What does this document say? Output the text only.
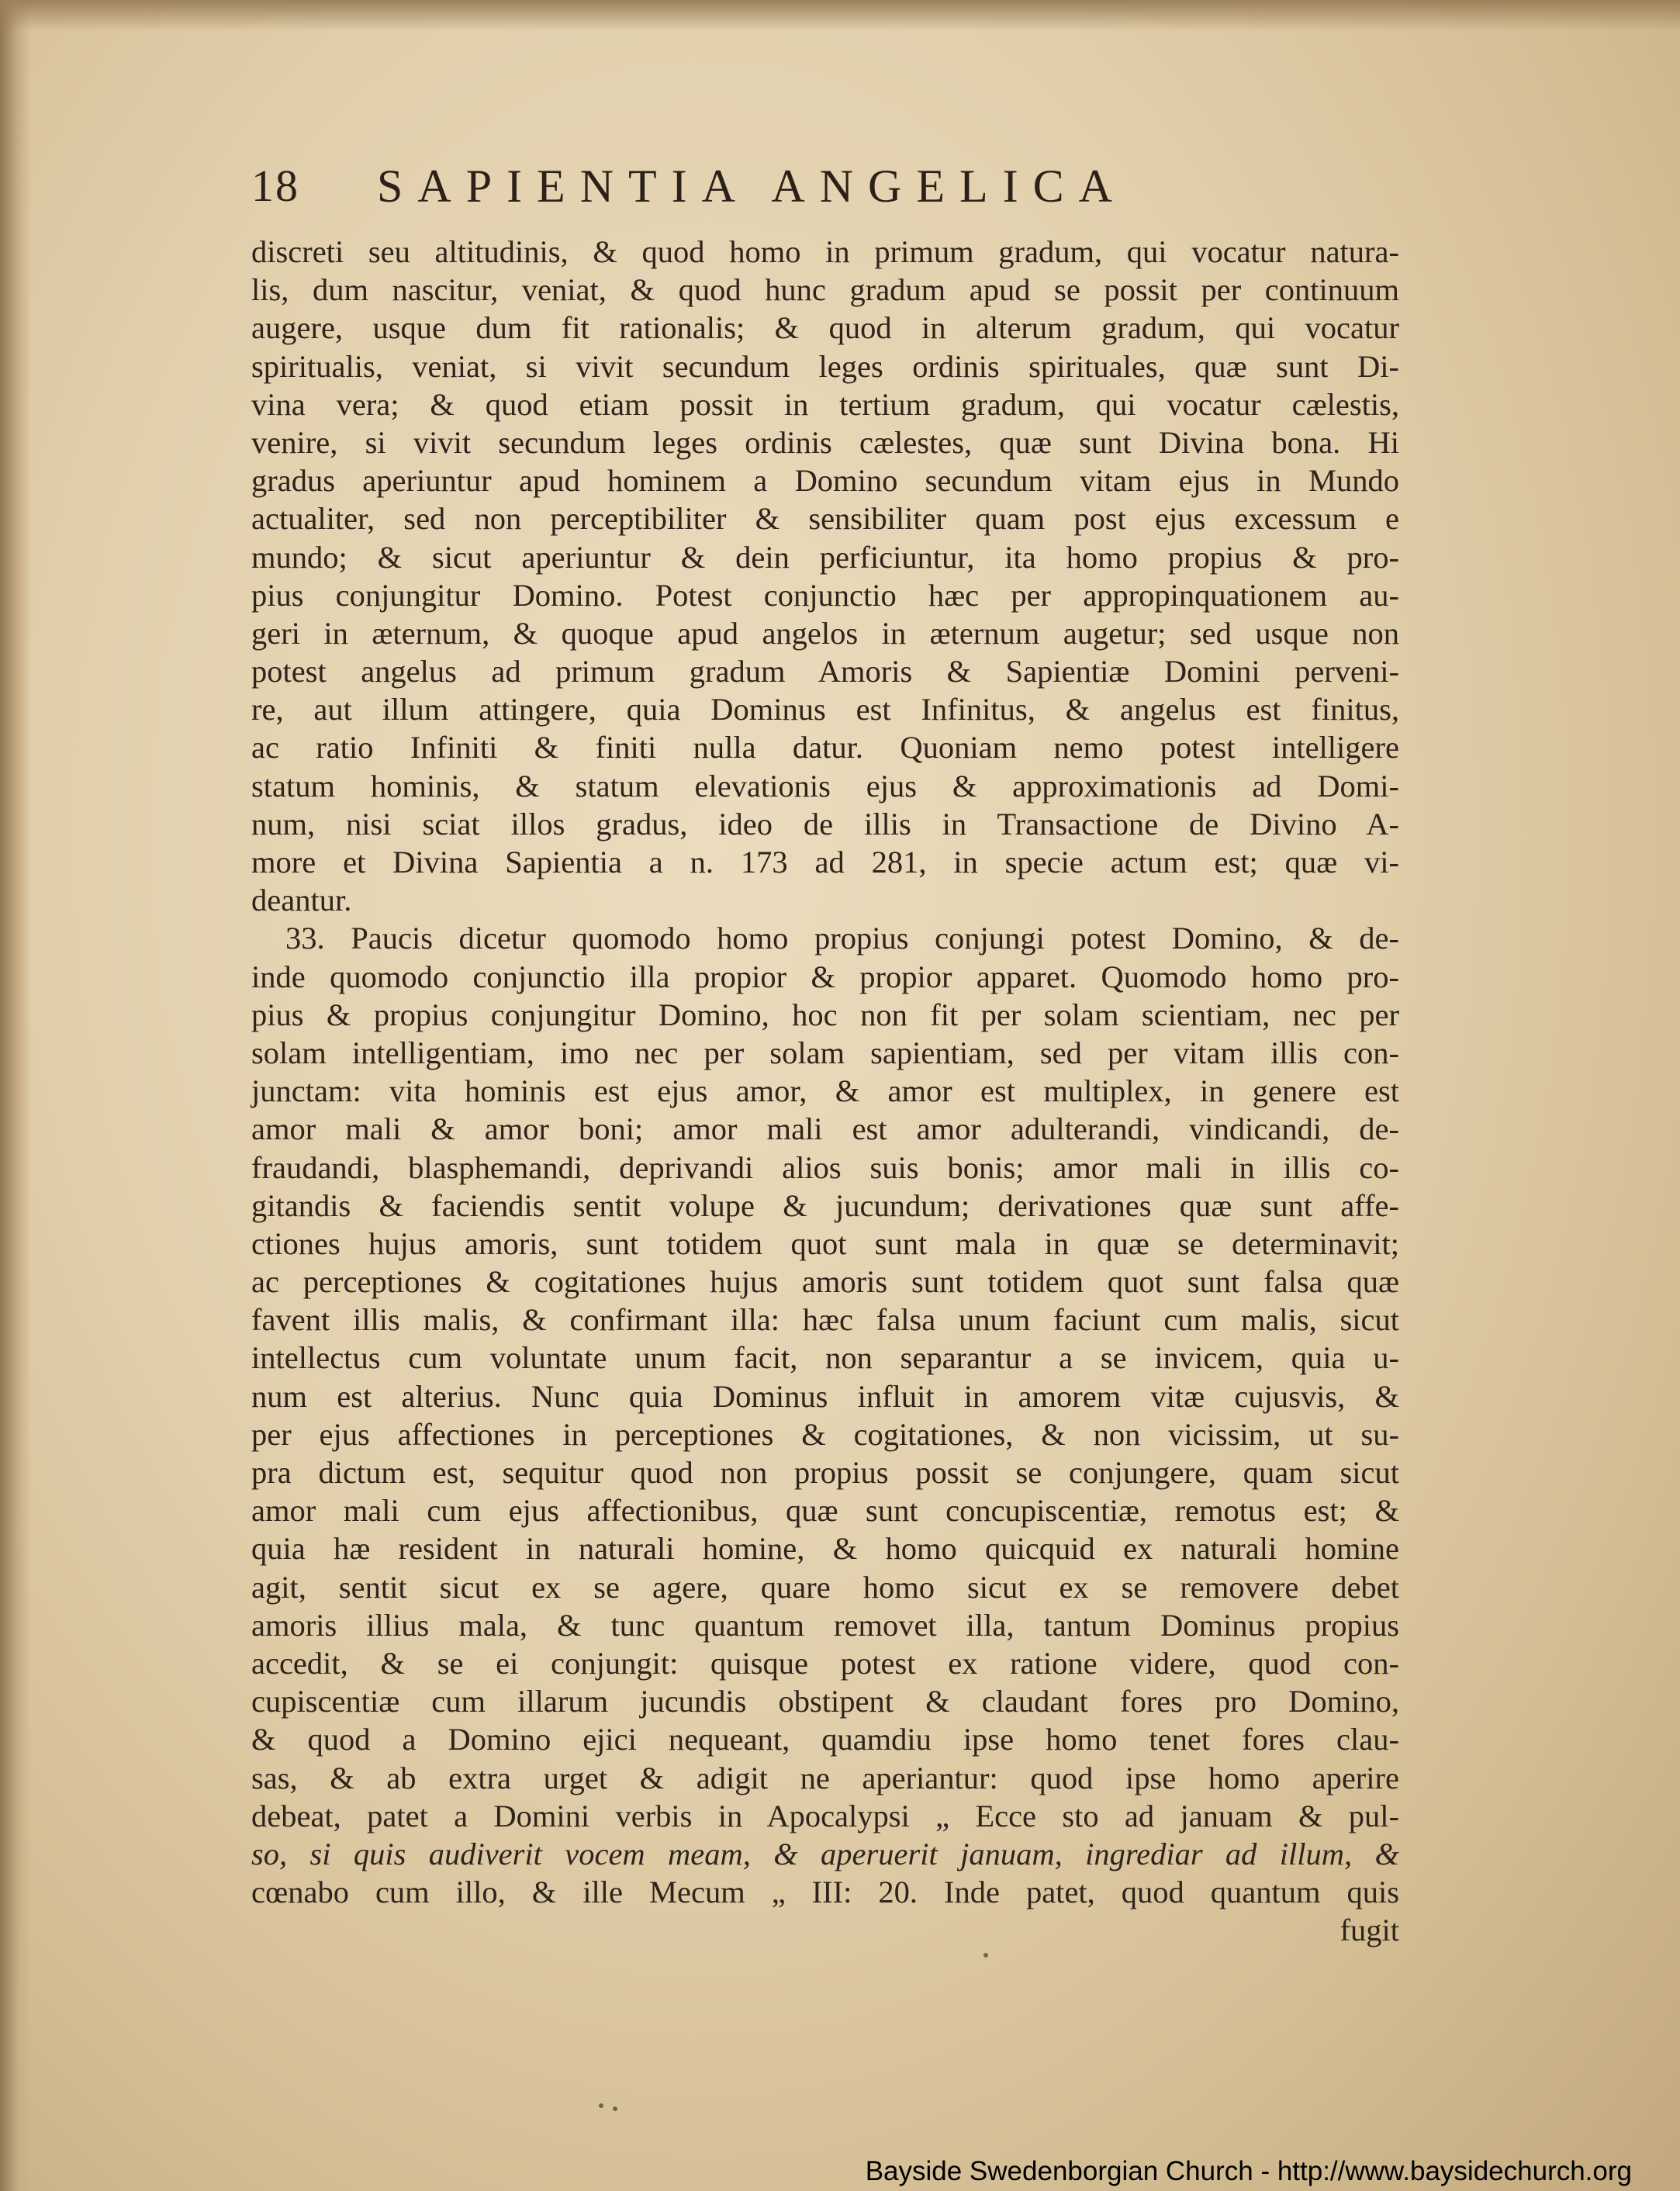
18 SAPIENTIA ANGELICA
discreti seu altitudinis, & quod homo in primum gradum, qui vocatur natura-
lis, dum nascitur, veniat, & quod hunc gradum apud se possit per continuum
augere, usque dum fit rationalis; & quod in alterum gradum, qui vocatur
spiritualis, veniat, si vivit secundum leges ordinis spirituales, quæ sunt Di-
vina vera; & quod etiam possit in tertium gradum, qui vocatur cælestis,
venire, si vivit secundum leges ordinis cælestes, quæ sunt Divina bona. Hi
gradus aperiuntur apud hominem a Domino secundum vitam ejus in Mundo
actualiter, sed non perceptibiliter & sensibiliter quam post ejus excessum e
mundo; & sicut aperiuntur & dein perficiuntur, ita homo propius & pro-
pius conjungitur Domino. Potest conjunctio hæc per appropinquationem au-
geri in æternum, & quoque apud angelos in æternum augetur; sed usque non
potest angelus ad primum gradum Amoris & Sapientiæ Domini perveni-
re, aut illum attingere, quia Dominus est Infinitus, & angelus est finitus,
ac ratio Infiniti & finiti nulla datur. Quoniam nemo potest intelligere
statum hominis, & statum elevationis ejus & approximationis ad Domi-
num, nisi sciat illos gradus, ideo de illis in Transactione de Divino A-
more et Divina Sapientia a n. 173 ad 281, in specie actum est; quæ vi-
deantur.
33. Paucis dicetur quomodo homo propius conjungi potest Domino, & de-
inde quomodo conjunctio illa propior & propior apparet. Quomodo homo pro-
pius & propius conjungitur Domino, hoc non fit per solam scientiam, nec per
solam intelligentiam, imo nec per solam sapientiam, sed per vitam illis con-
junctam: vita hominis est ejus amor, & amor est multiplex, in genere est
amor mali & amor boni; amor mali est amor adulterandi, vindicandi, de-
fraudandi, blasphemandi, deprivandi alios suis bonis; amor mali in illis co-
gitandis & faciendis sentit volupe & jucundum; derivationes quæ sunt affe-
ctiones hujus amoris, sunt totidem quot sunt mala in quæ se determinavit;
ac perceptiones & cogitationes hujus amoris sunt totidem quot sunt falsa quæ
favent illis malis, & confirmant illa: hæc falsa unum faciunt cum malis, sicut
intellectus cum voluntate unum facit, non separantur a se invicem, quia u-
num est alterius. Nunc quia Dominus influit in amorem vitæ cujusvis, &
per ejus affectiones in perceptiones & cogitationes, & non vicissim, ut su-
pra dictum est, sequitur quod non propius possit se conjungere, quam sicut
amor mali cum ejus affectionibus, quæ sunt concupiscentiæ, remotus est; &
quia hæ resident in naturali homine, & homo quicquid ex naturali homine
agit, sentit sicut ex se agere, quare homo sicut ex se removere debet
amoris illius mala, & tunc quantum removet illa, tantum Dominus propius
accedit, & se ei conjungit: quisque potest ex ratione videre, quod con-
cupiscentiæ cum illarum jucundis obstipent & claudant fores pro Domino,
& quod a Domino ejici nequeant, quamdiu ipse homo tenet fores clau-
sas, & ab extra urget & adigit ne aperiantur: quod ipse homo aperire
debeat, patet a Domini verbis in Apocalypsi „ Ecce sto ad januam & pul-
so, si quis audiverit vocem meam, & aperuerit januam, ingrediar ad illum, &
cœnabo cum illo, & ille Mecum „ III: 20. Inde patet, quod quantum quis
fugit
Bayside Swedenborgian Church - http://www.baysidechurch.org
